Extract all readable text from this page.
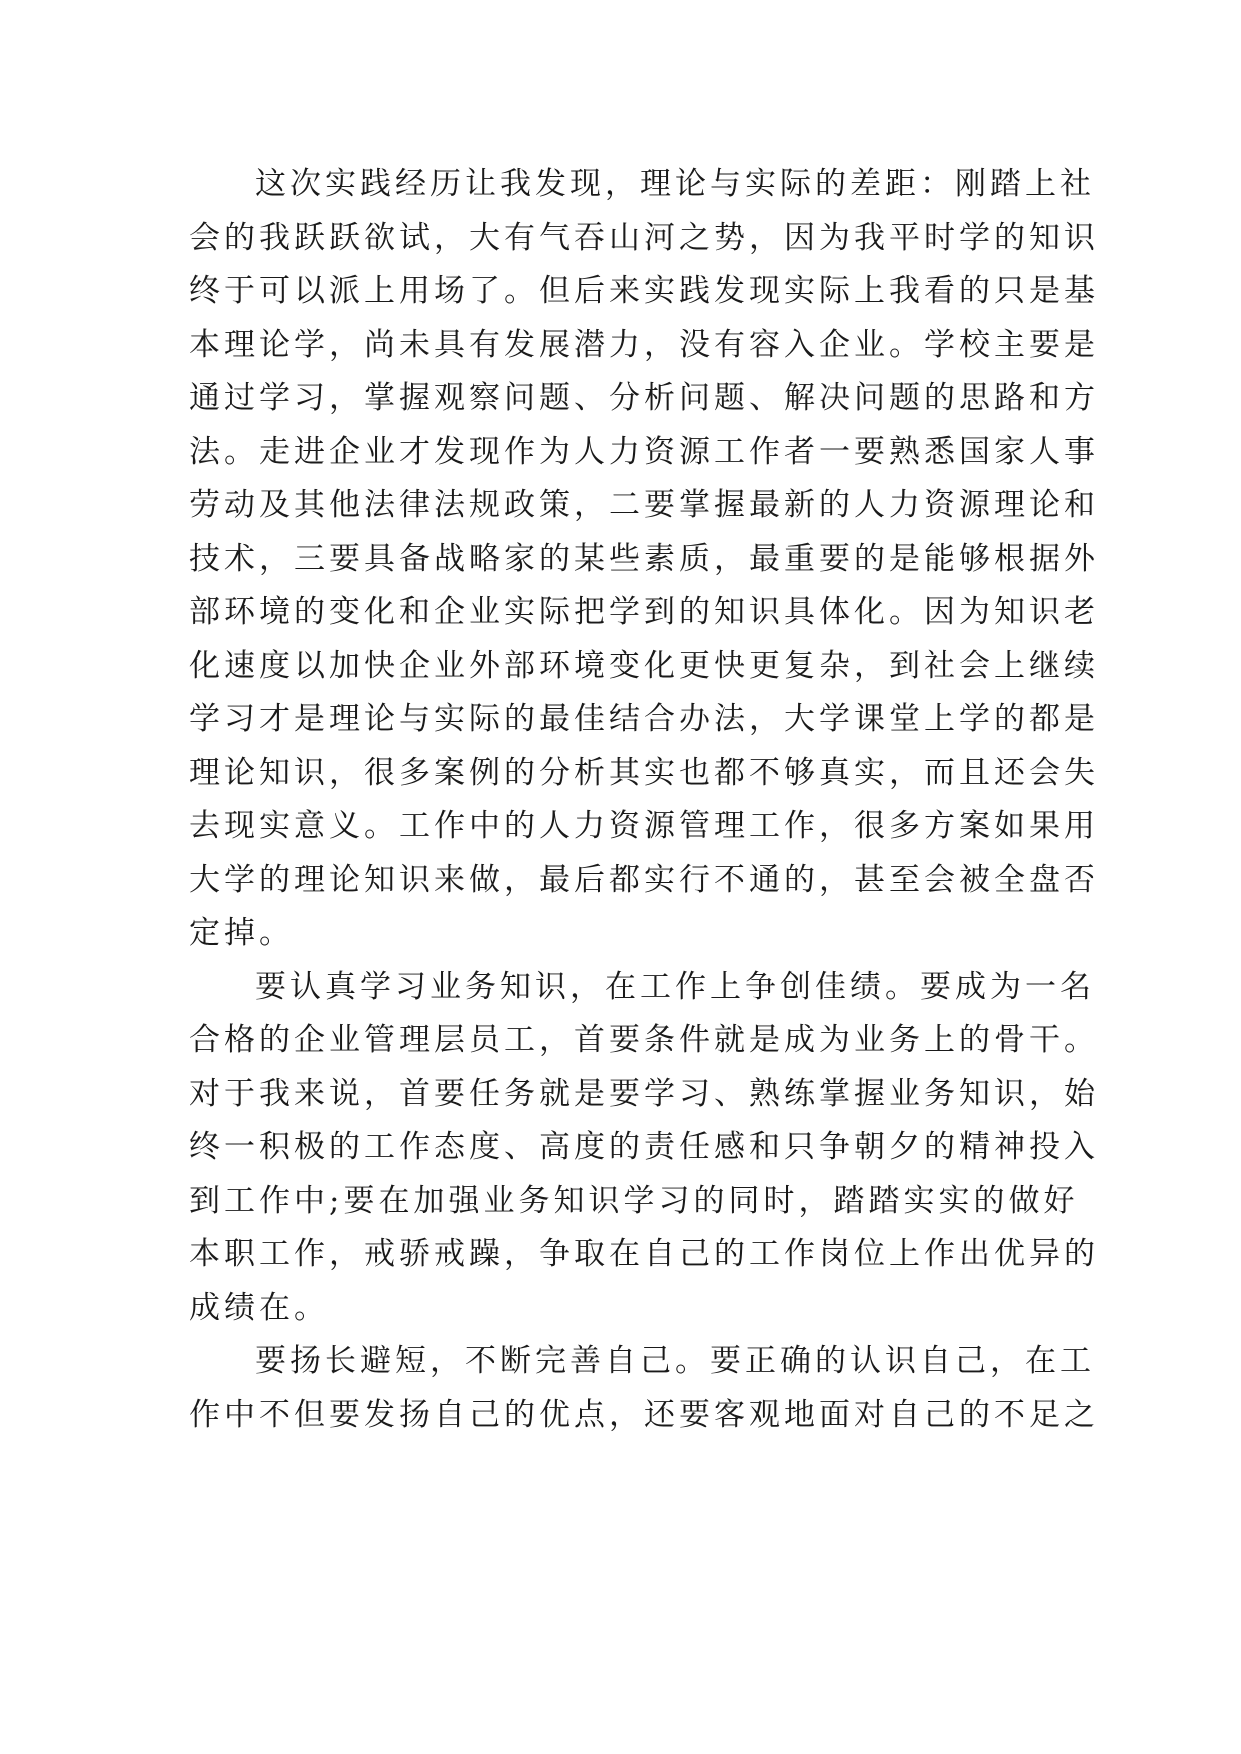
这次实践经历让我发现，理论与实际的差距：刚踏上社
会的我跃跃欲试，大有气吞山河之势，因为我平时学的知识
终于可以派上用场了。但后来实践发现实际上我看的只是基
本理论学，尚未具有发展潜力，没有容入企业。学校主要是
通过学习，掌握观察问题、分析问题、解决问题的思路和方
法。走进企业才发现作为人力资源工作者一要熟悉国家人事
劳动及其他法律法规政策，二要掌握最新的人力资源理论和
技术，三要具备战略家的某些素质，最重要的是能够根据外
部环境的变化和企业实际把学到的知识具体化。因为知识老
化速度以加快企业外部环境变化更快更复杂，到社会上继续
学习才是理论与实际的最佳结合办法，大学课堂上学的都是
理论知识，很多案例的分析其实也都不够真实，而且还会失
去现实意义。工作中的人力资源管理工作，很多方案如果用
大学的理论知识来做，最后都实行不通的，甚至会被全盘否
定掉。
要认真学习业务知识，在工作上争创佳绩。要成为一名
合格的企业管理层员工，首要条件就是成为业务上的骨干。
对于我来说，首要任务就是要学习、熟练掌握业务知识，始
终一积极的工作态度、高度的责任感和只争朝夕的精神投入
到工作中;要在加强业务知识学习的同时，踏踏实实的做好
本职工作，戒骄戒躁，争取在自己的工作岗位上作出优异的
成绩在。
要扬长避短，不断完善自己。要正确的认识自己，在工
作中不但要发扬自己的优点，还要客观地面对自己的不足之
